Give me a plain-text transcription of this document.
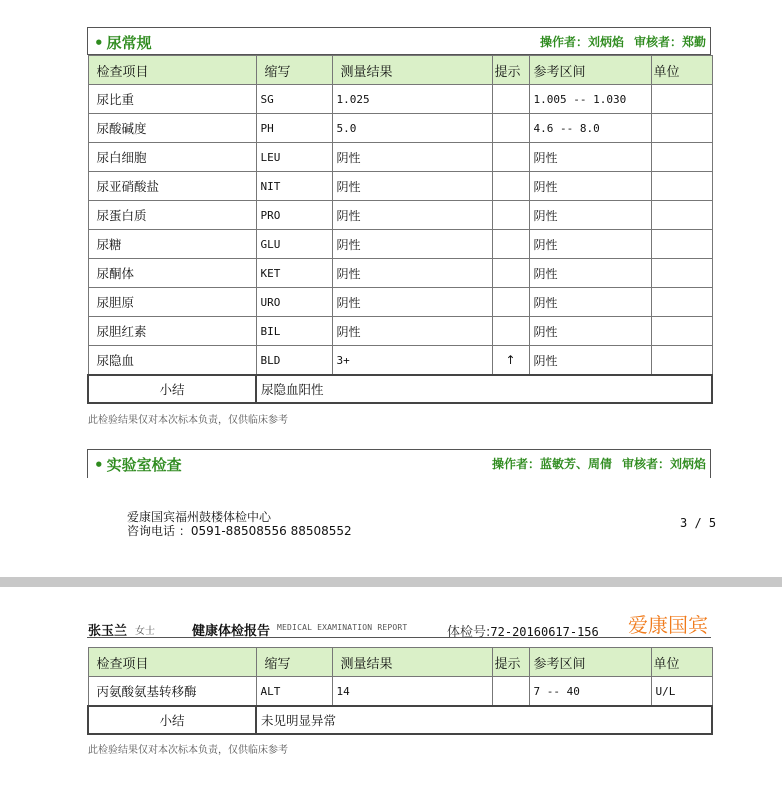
• 尿常规	操作者：刘炳焰 审核者：郑勤
检查项目	缩写	测量结果	提示	参考区间	单位
尿比重	SG	1.025		1.005 -- 1.030	
尿酸碱度	PH	5.0		4.6 -- 8.0	
尿白细胞	LEU	阴性		阴性	
尿亚硝酸盐	NIT	阴性		阴性	
尿蛋白质	PRO	阴性		阴性	
尿糖	GLU	阴性		阴性	
尿酮体	KET	阴性		阴性	
尿胆原	URO	阴性		阴性	
尿胆红素	BIL	阴性		阴性	
尿隐血	BLD	3+	↑	阴性	
小结	尿隐血阳性				
此检验结果仅对本次标本负责，仅供临床参考
• 实验室检查	操作者：蓝敏芳、周倩 审核者：刘炳焰
爱康国宾福州鼓楼体检中心
咨询电话 ：0591-88508556 88508552
3 / 5
张玉兰 女士	健康体检报告 MEDICAL EXAMINATION REPORT	体检号:72-20160617-156 爱康国宾
检查项目	缩写	测量结果	提示	参考区间	单位
丙氨酸氨基转移酶	ALT	14		7 -- 40	U/L
小结	未见明显异常				
此检验结果仅对本次标本负责，仅供临床参考
